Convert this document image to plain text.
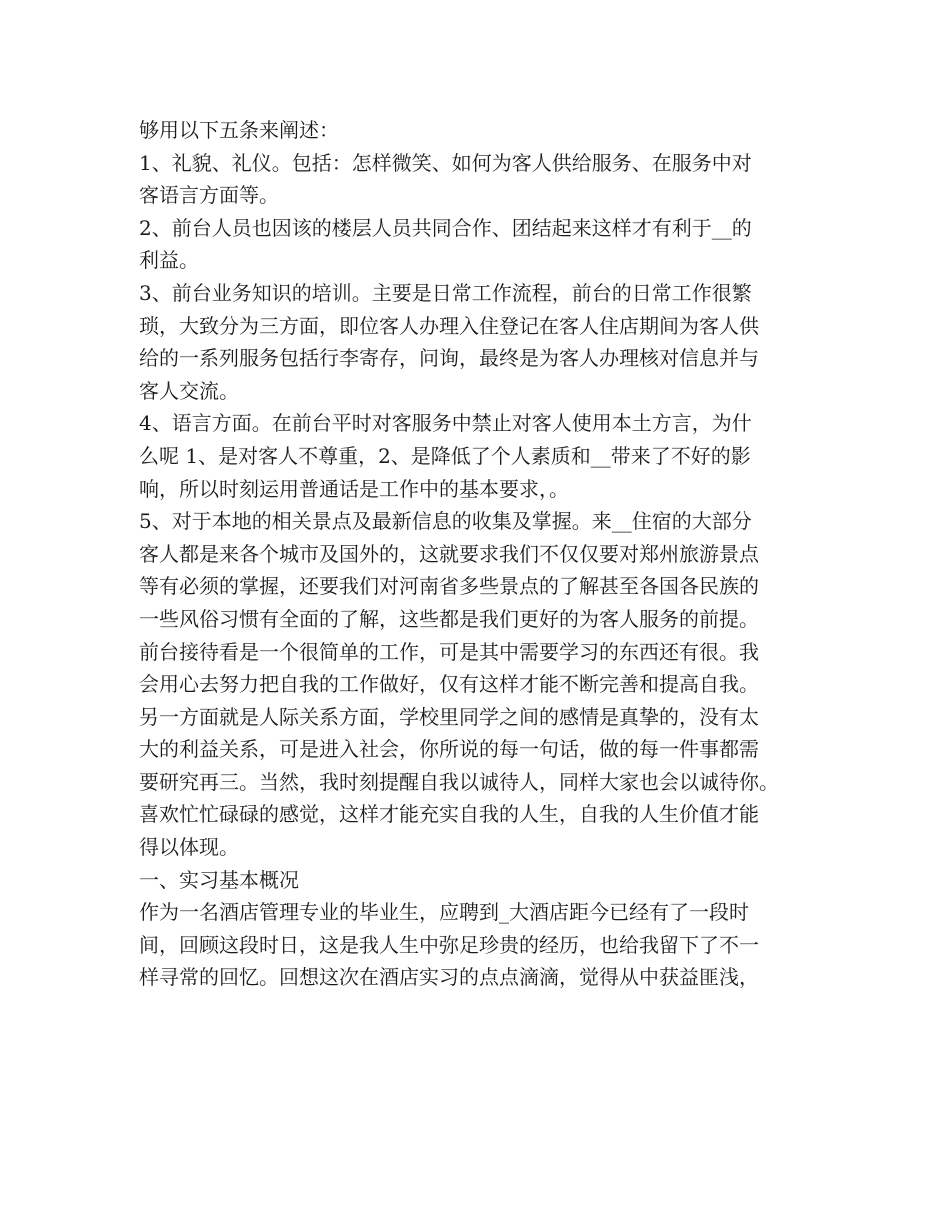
够用以下五条来阐述：
1、礼貌、礼仪。包括：怎样微笑、如何为客人供给服务、在服务中对
客语言方面等。
2、前台人员也因该的楼层人员共同合作、团结起来这样才有利于__的
利益。
3、前台业务知识的培训。主要是日常工作流程，前台的日常工作很繁
琐，大致分为三方面，即位客人办理入住登记在客人住店期间为客人供
给的一系列服务包括行李寄存，问询，最终是为客人办理核对信息并与
客人交流。
4、语言方面。在前台平时对客服务中禁止对客人使用本土方言，为什
么呢 1、是对客人不尊重，2、是降低了个人素质和__带来了不好的影
响，所以时刻运用普通话是工作中的基本要求，。
5、对于本地的相关景点及最新信息的收集及掌握。来__住宿的大部分
客人都是来各个城市及国外的，这就要求我们不仅仅要对郑州旅游景点
等有必须的掌握，还要我们对河南省多些景点的了解甚至各国各民族的
一些风俗习惯有全面的了解，这些都是我们更好的为客人服务的前提。
前台接待看是一个很简单的工作，可是其中需要学习的东西还有很。我
会用心去努力把自我的工作做好，仅有这样才能不断完善和提高自我。
另一方面就是人际关系方面，学校里同学之间的感情是真挚的，没有太
大的利益关系，可是进入社会，你所说的每一句话，做的每一件事都需
要研究再三。当然，我时刻提醒自我以诚待人，同样大家也会以诚待你。
喜欢忙忙碌碌的感觉，这样才能充实自我的人生，自我的人生价值才能
得以体现。
一、实习基本概况
作为一名酒店管理专业的毕业生，应聘到_大酒店距今已经有了一段时
间，回顾这段时日，这是我人生中弥足珍贵的经历，也给我留下了不一
样寻常的回忆。回想这次在酒店实习的点点滴滴，觉得从中获益匪浅，
